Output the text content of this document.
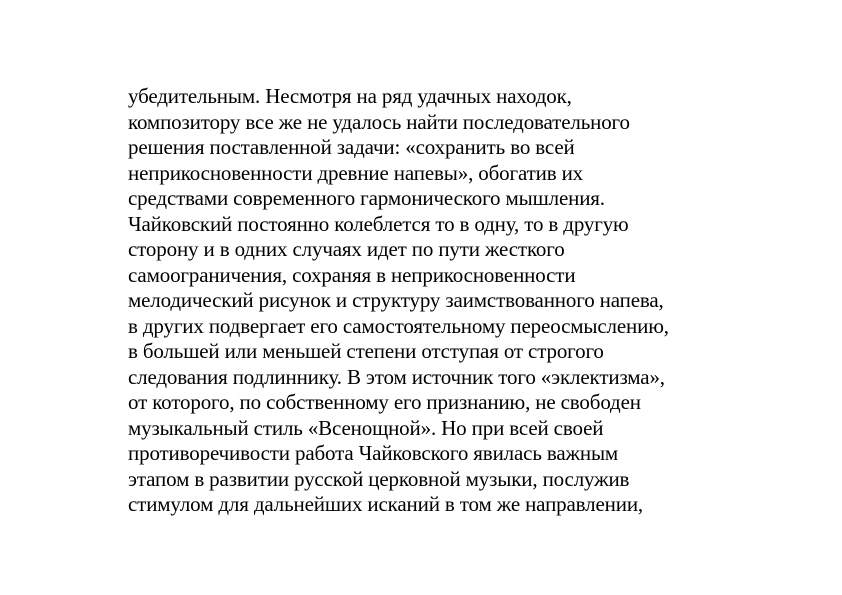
убедительным. Несмотря на ряд удачных находок,
композитору все же не удалось найти последовательного
решения поставленной задачи: «сохранить во всей
неприкосновенности древние напевы», обогатив их
средствами современного гармонического мышления.
Чайковский постоянно колеблется то в одну, то в другую
сторону и в одних случаях идет по пути жесткого
самоограничения, сохраняя в неприкосновенности
мелодический рисунок и структуру заимствованного напева,
в других подвергает его самостоятельному переосмыслению,
в большей или меньшей степени отступая от строгого
следования подлиннику. В этом источник того «эклектизма»,
от которого, по собственному его признанию, не свободен
музыкальный стиль «Всенощной». Но при всей своей
противоречивости работа Чайковского явилась важным
этапом в развитии русской церковной музыки, послужив
стимулом для дальнейших исканий в том же направлении,
